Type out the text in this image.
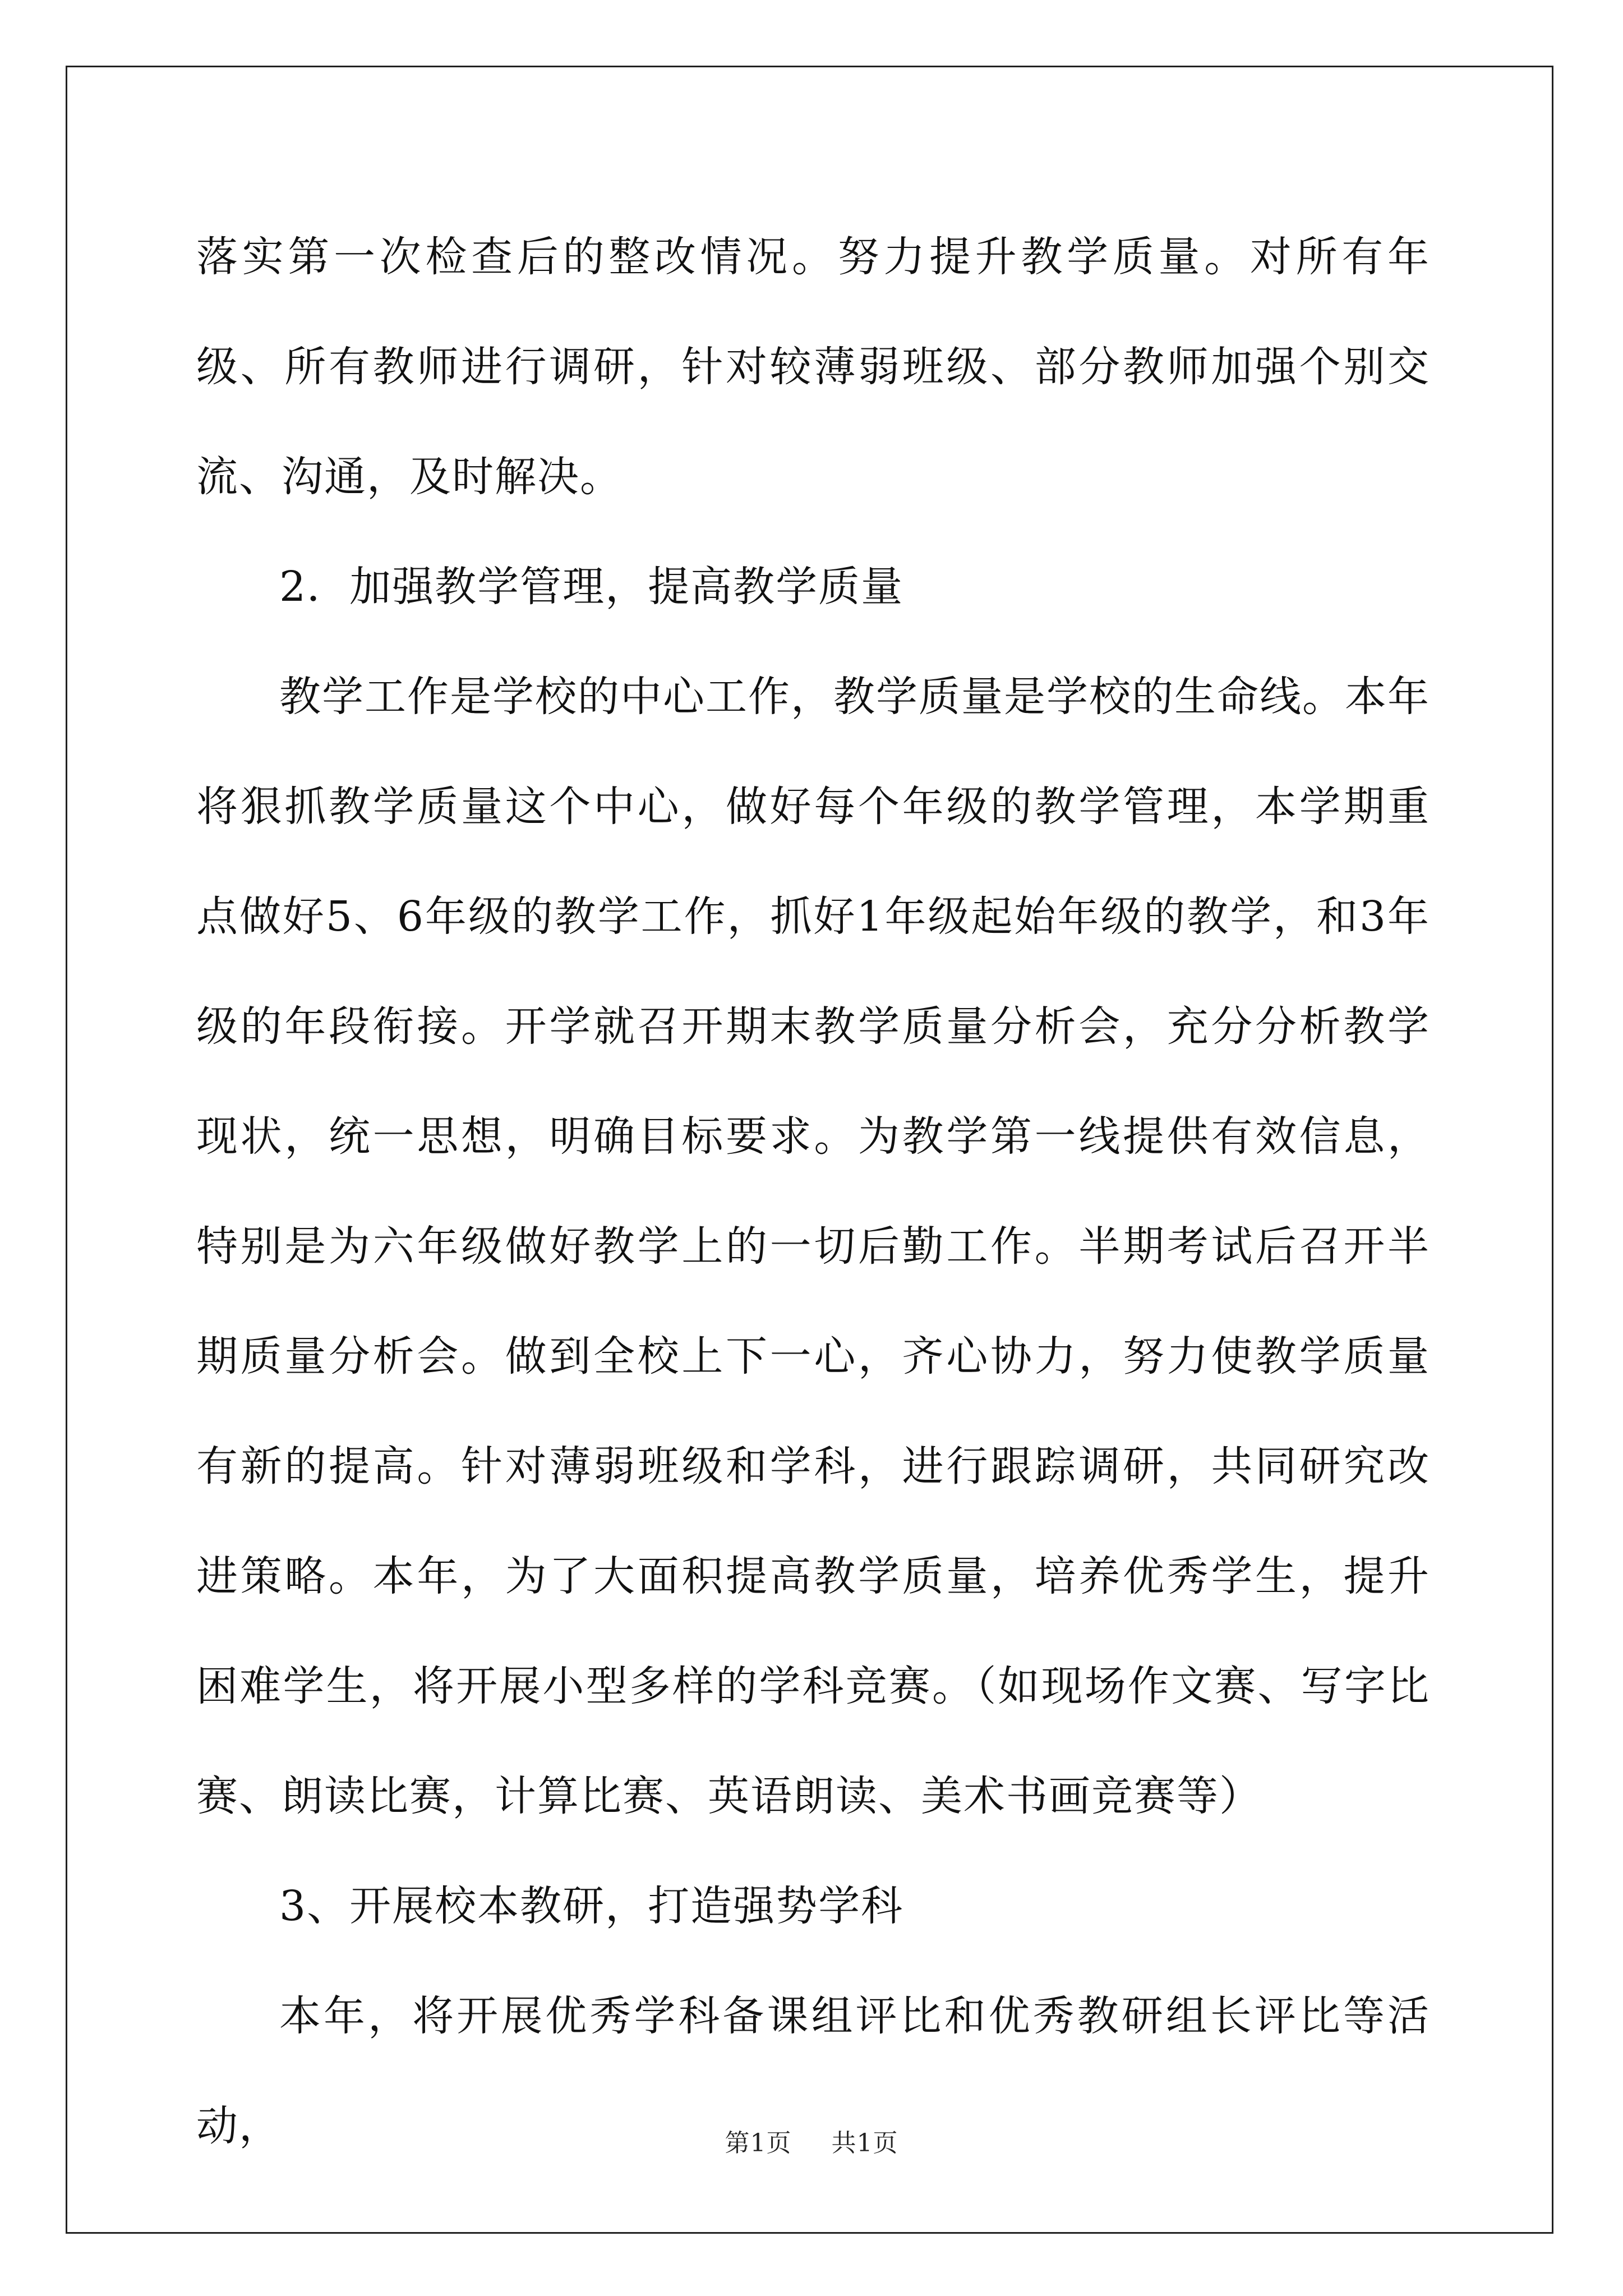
落实第一次检查后的整改情况。努力提升教学质量。对所有年级、所有教师进行调研，针对较薄弱班级、部分教师加强个别交流、沟通，及时解决。

2．加强教学管理，提高教学质量

教学工作是学校的中心工作，教学质量是学校的生命线。本年将狠抓教学质量这个中心，做好每个年级的教学管理，本学期重点做好5、6年级的教学工作，抓好1年级起始年级的教学，和3年级的年段衔接。开学就召开期末教学质量分析会，充分分析教学现状，统一思想，明确目标要求。为教学第一线提供有效信息，特别是为六年级做好教学上的一切后勤工作。半期考试后召开半期质量分析会。做到全校上下一心，齐心协力，努力使教学质量有新的提高。针对薄弱班级和学科，进行跟踪调研，共同研究改进策略。本年，为了大面积提高教学质量，培养优秀学生，提升困难学生，将开展小型多样的学科竞赛。（如现场作文赛、写字比赛、朗读比赛，计算比赛、英语朗读、美术书画竞赛等）

3、开展校本教研，打造强势学科

本年，将开展优秀学科备课组评比和优秀教研组长评比等活动，	第1页 共1页
